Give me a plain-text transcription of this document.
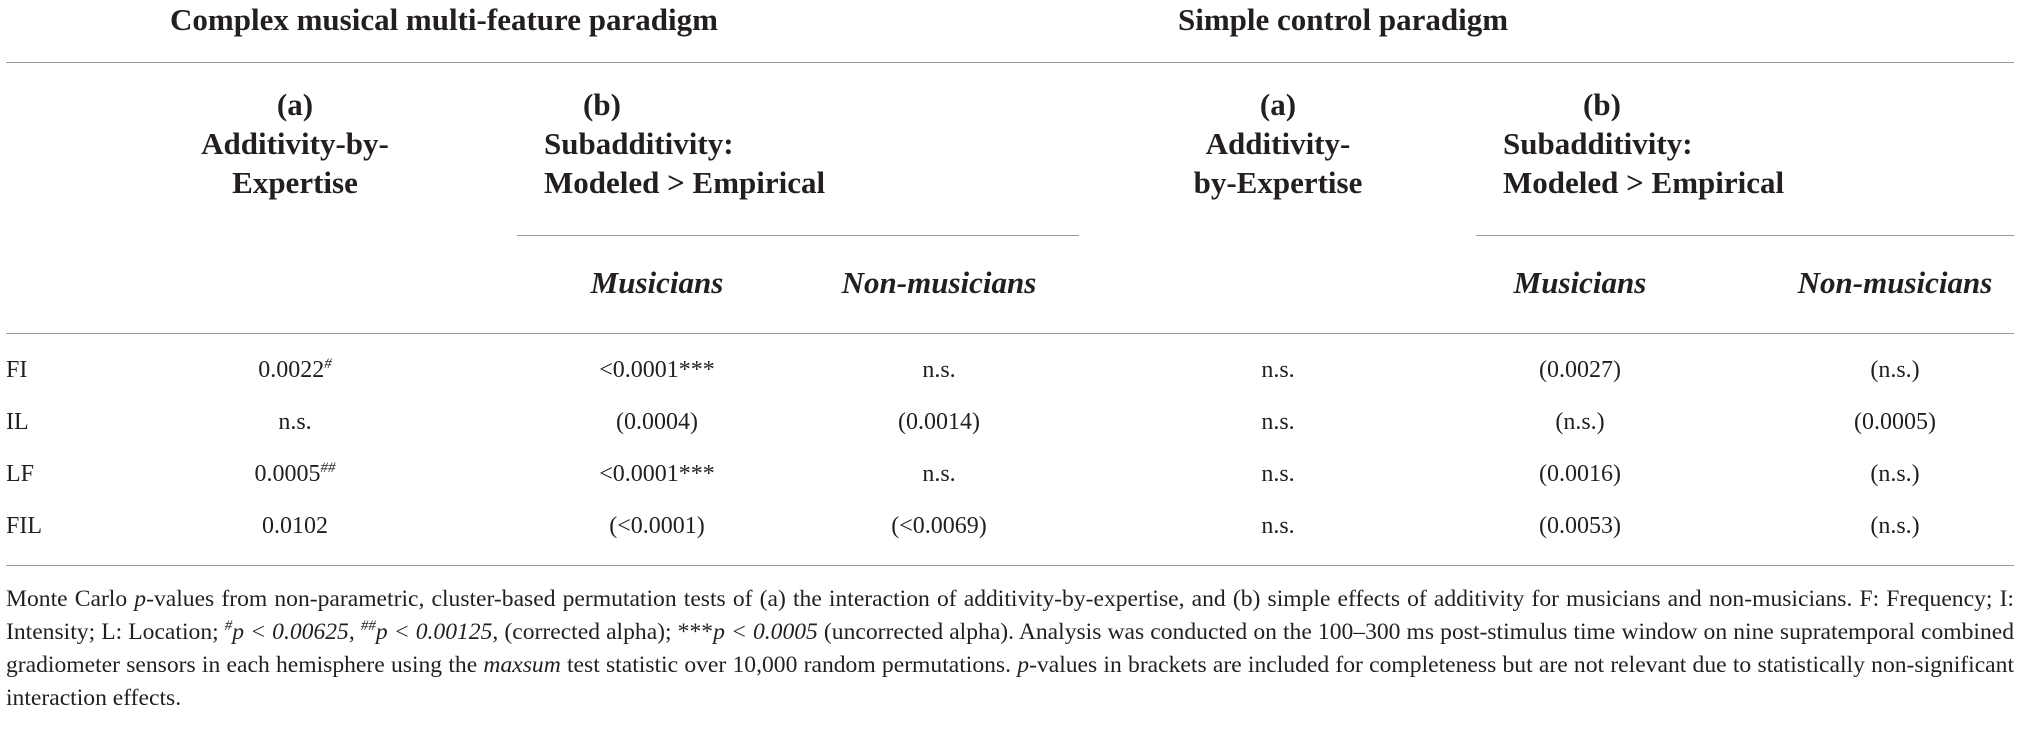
Complex musical multi-feature paradigm	Simple control paradigm
(a)
Additivity-by-
Expertise
(b)
Subadditivity:
Modeled > Empirical
(a)
Additivity-
by-Expertise
(b)
Subadditivity:
Modeled > Empirical
Musicians	Non-musicians	Musicians	Non-musicians
FI	0.0022#	<0.0001***	n.s.	n.s.	(0.0027)	(n.s.)
IL	n.s.	(0.0004)	(0.0014)	n.s.	(n.s.)	(0.0005)
LF	0.0005##	<0.0001***	n.s.	n.s.	(0.0016)	(n.s.)
FIL	0.0102	(<0.0001)	(<0.0069)	n.s.	(0.0053)	(n.s.)
Monte Carlo p-values from non-parametric, cluster-based permutation tests of (a) the interaction of additivity-by-expertise, and (b) simple effects of additivity for musicians and non-musicians. F: Frequency; I: Intensity; L: Location; #p < 0.00625, ##p < 0.00125, (corrected alpha); ***p < 0.0005 (uncorrected alpha). Analysis was conducted on the 100–300 ms post-stimulus time window on nine supratemporal combined gradiometer sensors in each hemisphere using the maxsum test statistic over 10,000 random permutations. p-values in brackets are included for completeness but are not relevant due to statistically non-significant interaction effects.
